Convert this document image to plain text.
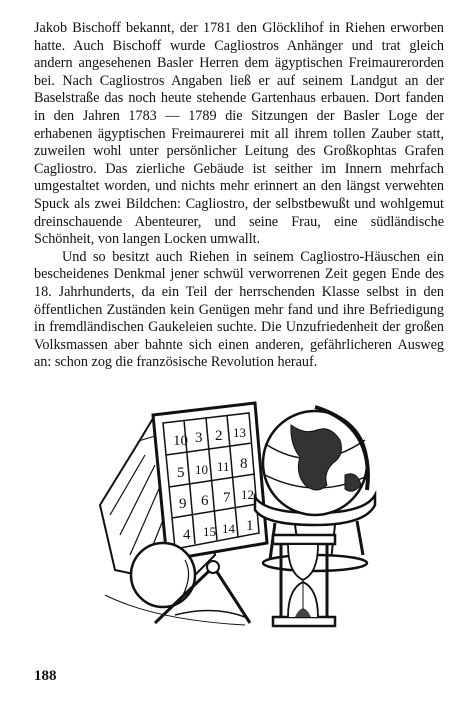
Jakob Bischoff bekannt, der 1781 den Glöcklihof in Riehen erworben hatte. Auch Bischoff wurde Cagliostros Anhänger und trat gleich andern angesehenen Basler Herren dem ägyptischen Freimaurerorden bei. Nach Cagliostros Angaben ließ er auf seinem Landgut an der Baselstraße das noch heute stehende Gartenhaus erbauen. Dort fanden in den Jahren 1783 — 1789 die Sitzungen der Basler Loge der erhabenen ägyptischen Freimaurerei mit all ihrem tollen Zauber statt, zuweilen wohl unter persönlicher Leitung des Großkophtas Grafen Cagliostro. Das zierliche Gebäude ist seither im Innern mehrfach umgestaltet worden, und nichts mehr erinnert an den längst verwehten Spuck als zwei Bildchen: Cagliostro, der selbstbewußt und wohlgemut dreinschauende Abenteurer, und seine Frau, eine südländische Schönheit, von langen Locken umwallt.

Und so besitzt auch Riehen in seinem Cagliostro-Häuschen ein bescheidenes Denkmal jener schwül verworrenen Zeit gegen Ende des 18. Jahrhunderts, da ein Teil der herrschenden Klasse selbst in den öffentlichen Zuständen kein Genügen mehr fand und ihre Befriedigung in fremdländischen Gaukeleien suchte. Die Unzufriedenheit der großen Volksmassen aber bahnte sich einen anderen, gefährlicheren Ausweg an: schon zog die französische Revolution herauf.

10 3 2 13
5 10 11 8
9 6 7 12
4 15 14 1
188
